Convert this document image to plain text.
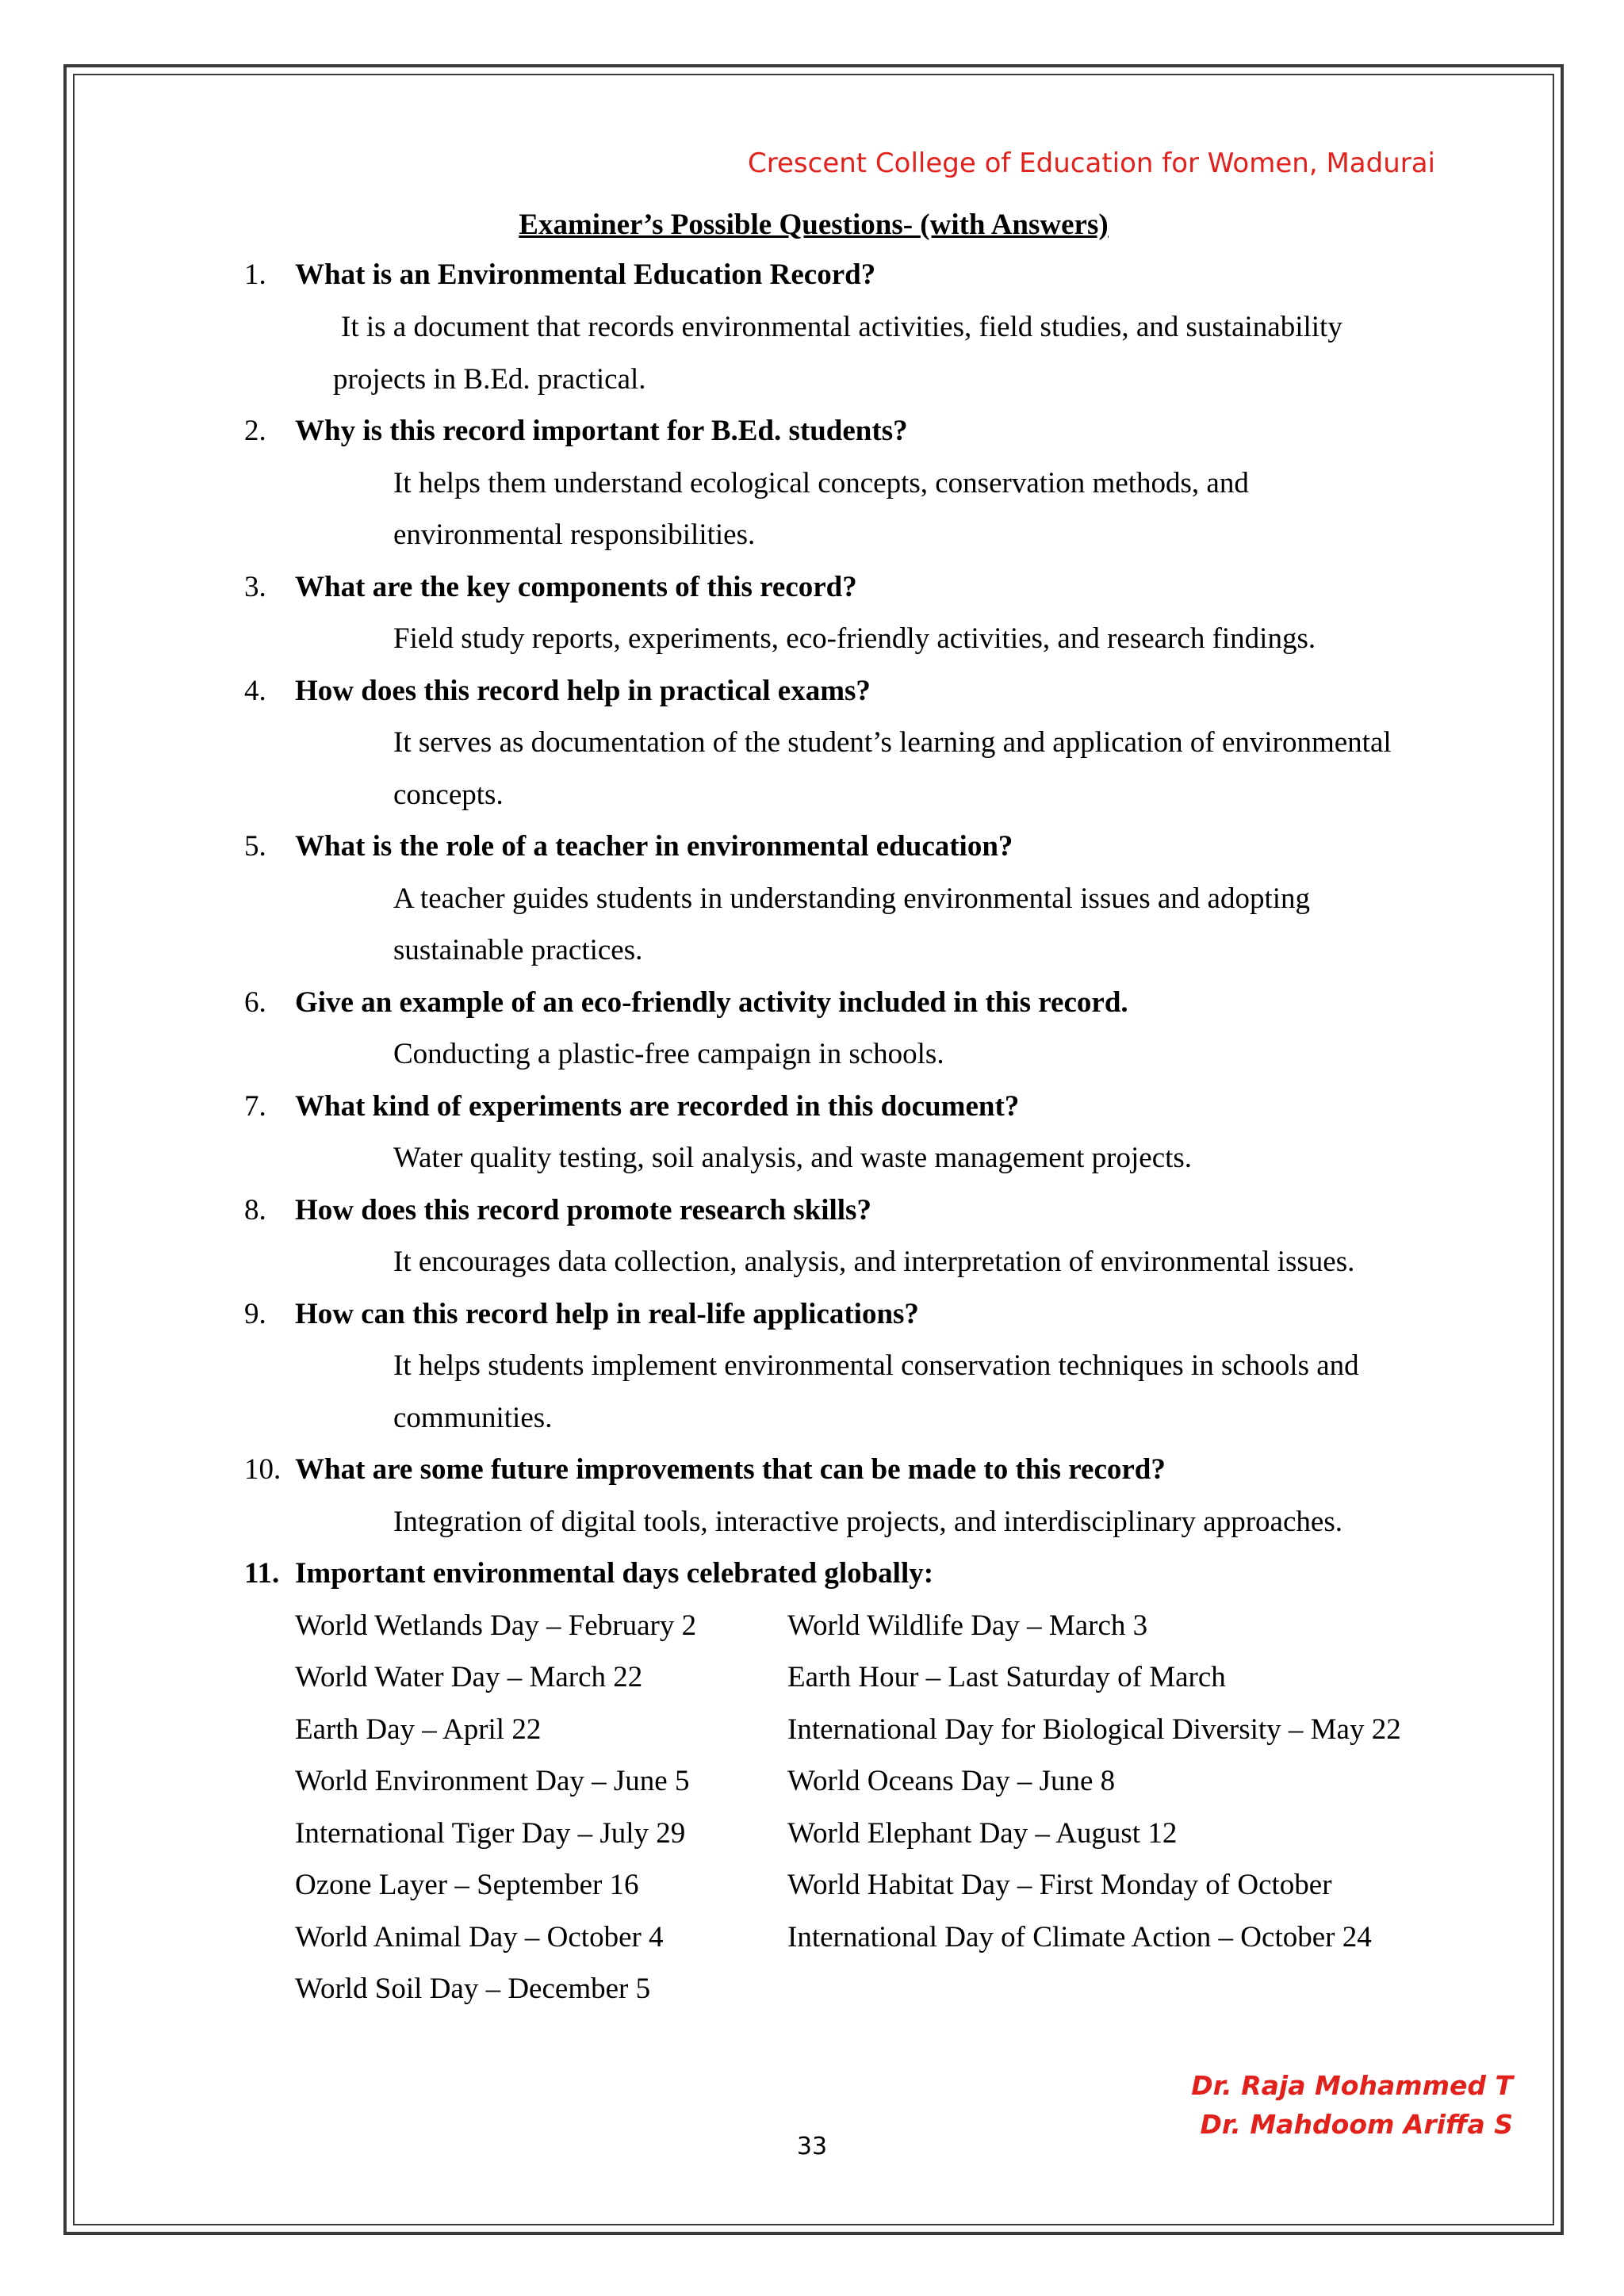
Crescent College of Education for Women, Madurai
Examiner’s Possible Questions- (with Answers)
1. What is an Environmental Education Record?
It is a document that records environmental activities, field studies, and sustainability
projects in B.Ed. practical.
2. Why is this record important for B.Ed. students?
It helps them understand ecological concepts, conservation methods, and
environmental responsibilities.
3. What are the key components of this record?
Field study reports, experiments, eco-friendly activities, and research findings.
4. How does this record help in practical exams?
It serves as documentation of the student’s learning and application of environmental
concepts.
5. What is the role of a teacher in environmental education?
A teacher guides students in understanding environmental issues and adopting
sustainable practices.
6. Give an example of an eco-friendly activity included in this record.
Conducting a plastic-free campaign in schools.
7. What kind of experiments are recorded in this document?
Water quality testing, soil analysis, and waste management projects.
8. How does this record promote research skills?
It encourages data collection, analysis, and interpretation of environmental issues.
9. How can this record help in real-life applications?
It helps students implement environmental conservation techniques in schools and
communities.
10. What are some future improvements that can be made to this record?
Integration of digital tools, interactive projects, and interdisciplinary approaches.
11. Important environmental days celebrated globally:
World Wetlands Day – February 2
World Water Day – March 22
Earth Day – April 22
World Environment Day – June 5
International Tiger Day – July 29
Ozone Layer – September 16
World Animal Day – October 4
World Soil Day – December 5
World Wildlife Day – March 3
Earth Hour – Last Saturday of March
International Day for Biological Diversity – May 22
World Oceans Day – June 8
World Elephant Day – August 12
World Habitat Day – First Monday of October
International Day of Climate Action – October 24
Dr. Raja Mohammed T
Dr. Mahdoom Ariffa S
33
